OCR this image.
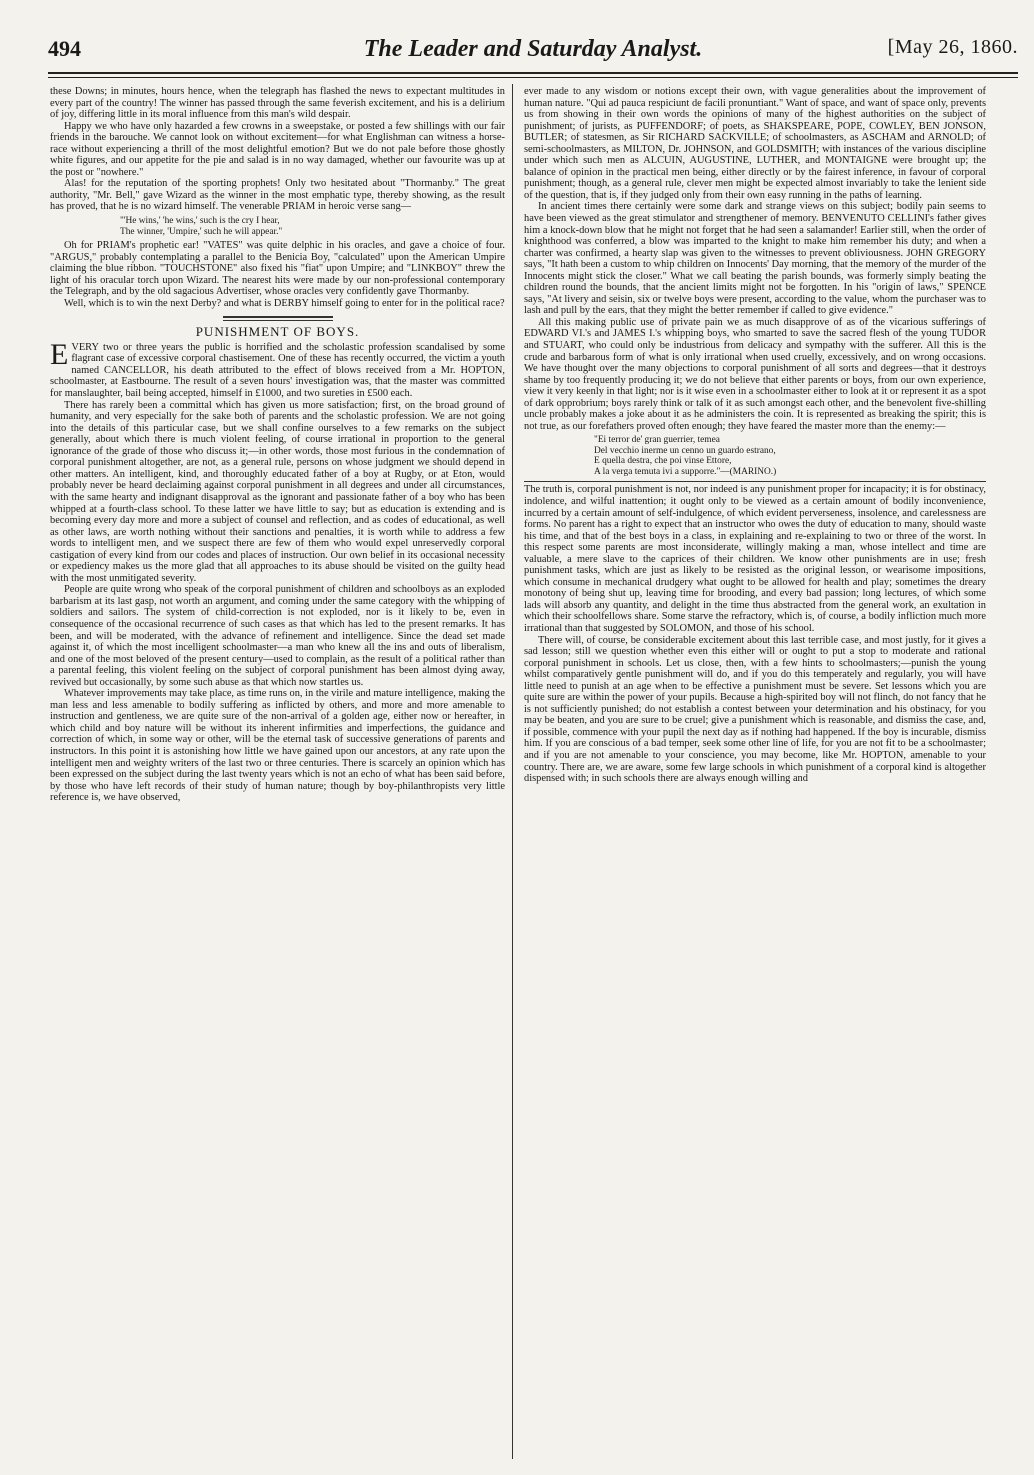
494	The Leader and Saturday Analyst.	[May 26, 1860.

these Downs; in minutes, hours hence, when the telegraph has flashed the news to expectant multitudes in every part of the country! The winner has passed through the same feverish excitement, and his is a delirium of joy, differing little in its moral influence from this man's wild despair.

Happy we who have only hazarded a few crowns in a sweepstake, or posted a few shillings with our fair friends in the barouche. We cannot look on without excitement—for what Englishman can witness a horse-race without experiencing a thrill of the most delightful emotion? But we do not pale before those ghostly white figures, and our appetite for the pie and salad is in no way damaged, whether our favourite was up at the post or "nowhere."

Alas! for the reputation of the sporting prophets! Only two hesitated about "Thormanby." The great authority, "Mr. Bell," gave Wizard as the winner in the most emphatic type, thereby showing, as the result has proved, that he is no wizard himself. The venerable PRIAM in heroic verse sang—

"'He wins,' 'he wins,' such is the cry I hear,
The winner, 'Umpire,' such he will appear."

Oh for PRIAM's prophetic ear! "VATES" was quite delphic in his oracles, and gave a choice of four. "ARGUS," probably contemplating a parallel to the Benicia Boy, "calculated" upon the American Umpire claiming the blue ribbon. "TOUCHSTONE" also fixed his "fiat" upon Umpire; and "LINKBOY" threw the light of his oracular torch upon Wizard. The nearest hits were made by our non-professional contemporary the Telegraph, and by the old sagacious Advertiser, whose oracles very confidently gave Thormanby.

Well, which is to win the next Derby? and what is DERBY himself going to enter for in the political race?

PUNISHMENT OF BOYS.

EVERY two or three years the public is horrified and the scholastic profession scandalised by some flagrant case of excessive corporal chastisement. One of these has recently occurred, the victim a youth named CANCELLOR, his death attributed to the effect of blows received from a Mr. HOPTON, schoolmaster, at Eastbourne. The result of a seven hours' investigation was, that the master was committed for manslaughter, bail being accepted, himself in £1000, and two sureties in £500 each.

There has rarely been a committal which has given us more satisfaction; first, on the broad ground of humanity, and very especially for the sake both of parents and the scholastic profession. We are not going into the details of this particular case, but we shall confine ourselves to a few remarks on the subject generally, about which there is much violent feeling, of course irrational in proportion to the general ignorance of the grade of those who discuss it;—in other words, those most furious in the condemnation of corporal punishment altogether, are not, as a general rule, persons on whose judgment we should depend in other matters. An intelligent, kind, and thoroughly educated father of a boy at Rugby, or at Eton, would probably never be heard declaiming against corporal punishment in all degrees and under all circumstances, with the same hearty and indignant disapproval as the ignorant and passionate father of a boy who has been whipped at a fourth-class school. To these latter we have little to say; but as education is extending and is becoming every day more and more a subject of counsel and reflection, and as codes of educational, as well as other laws, are worth nothing without their sanctions and penalties, it is worth while to address a few words to intelligent men, and we suspect there are few of them who would expel unreservedly corporal castigation of every kind from our codes and places of instruction. Our own belief in its occasional necessity or expediency makes us the more glad that all approaches to its abuse should be visited on the guilty head with the most unmitigated severity.

People are quite wrong who speak of the corporal punishment of children and schoolboys as an exploded barbarism at its last gasp, not worth an argument, and coming under the same category with the whipping of soldiers and sailors. The system of child-correction is not exploded, nor is it likely to be, even in consequence of the occasional recurrence of such cases as that which has led to the present remarks. It has been, and will be moderated, with the advance of refinement and intelligence. Since the dead set made against it, of which the most incelligent schoolmaster—a man who knew all the ins and outs of liberalism, and one of the most beloved of the present century—used to complain, as the result of a political rather than a parental feeling, this violent feeling on the subject of corporal punishment has been almost dying away, revived but occasionally, by some such abuse as that which now startles us.

Whatever improvements may take place, as time runs on, in the virile and mature intelligence, making the man less and less amenable to bodily suffering as inflicted by others, and more and more amenable to instruction and gentleness, we are quite sure of the non-arrival of a golden age, either now or hereafter, in which child and boy nature will be without its inherent infirmities and imperfections, the guidance and correction of which, in some way or other, will be the eternal task of successive generations of parents and instructors. In this point it is astonishing how little we have gained upon our ancestors, at any rate upon the intelligent men and weighty writers of the last two or three centuries. There is scarcely an opinion which has been expressed on the subject during the last twenty years which is not an echo of what has been said before, by those who have left records of their study of human nature; though by boy-philanthropists very little reference is, we have observed,

ever made to any wisdom or notions except their own, with vague generalities about the improvement of human nature. "Qui ad pauca respiciunt de facili pronuntiant." Want of space, and want of space only, prevents us from showing in their own words the opinions of many of the highest authorities on the subject of punishment; of jurists, as PUFFENDORF; of poets, as SHAKSPEARE, POPE, COWLEY, BEN JONSON, BUTLER; of statesmen, as Sir RICHARD SACKVILLE; of schoolmasters, as ASCHAM and ARNOLD; of semi-schoolmasters, as MILTON, Dr. JOHNSON, and GOLDSMITH; with instances of the various discipline under which such men as ALCUIN, AUGUSTINE, LUTHER, and MONTAIGNE were brought up; the balance of opinion in the practical men being, either directly or by the fairest inference, in favour of corporal punishment; though, as a general rule, clever men might be expected almost invariably to take the lenient side of the question, that is, if they judged only from their own easy running in the paths of learning.

In ancient times there certainly were some dark and strange views on this subject; bodily pain seems to have been viewed as the great stimulator and strengthener of memory. BENVENUTO CELLINI's father gives him a knock-down blow that he might not forget that he had seen a salamander! Earlier still, when the order of knighthood was conferred, a blow was imparted to the knight to make him remember his duty; and when a charter was confirmed, a hearty slap was given to the witnesses to prevent obliviousness. JOHN GREGORY says, "It hath been a custom to whip children on Innocents' Day morning, that the memory of the murder of the Innocents might stick the closer." What we call beating the parish bounds, was formerly simply beating the children round the bounds, that the ancient limits might not be forgotten. In his "origin of laws," SPENCE says, "At livery and seisin, six or twelve boys were present, according to the value, whom the purchaser was to lash and pull by the ears, that they might the better remember if called to give evidence."

All this making public use of private pain we as much disapprove of as of the vicarious sufferings of EDWARD VI.'s and JAMES I.'s whipping boys, who smarted to save the sacred flesh of the young TUDOR and STUART, who could only be industrious from delicacy and sympathy with the sufferer. All this is the crude and barbarous form of what is only irrational when used cruelly, excessively, and on wrong occasions. We have thought over the many objections to corporal punishment of all sorts and degrees—that it destroys shame by too frequently producing it; we do not believe that either parents or boys, from our own experience, view it very keenly in that light; nor is it wise even in a schoolmaster either to look at it or represent it as a spot of dark opprobrium; boys rarely think or talk of it as such amongst each other, and the benevolent five-shilling uncle probably makes a joke about it as he administers the coin. It is represented as breaking the spirit; this is not true, as our forefathers proved often enough; they have feared the master more than the enemy:—

"Ei terror de' gran guerrier, temea
Del vecchio inerme un cenno un guardo estrano,
E quella destra, che poi vinse Ettore,
A la verga temuta ivi a supporre."—(MARINO.)

The truth is, corporal punishment is not, nor indeed is any punishment proper for incapacity; it is for obstinacy, indolence, and wilful inattention; it ought only to be viewed as a certain amount of bodily inconvenience, incurred by a certain amount of self-indulgence, of which evident perverseness, insolence, and carelessness are forms. No parent has a right to expect that an instructor who owes the duty of education to many, should waste his time, and that of the best boys in a class, in explaining and re-explaining to two or three of the worst. In this respect some parents are most inconsiderate, willingly making a man, whose intellect and time are valuable, a mere slave to the caprices of their children. We know other punishments are in use; fresh punishment tasks, which are just as likely to be resisted as the original lesson, or wearisome impositions, which consume in mechanical drudgery what ought to be allowed for health and play; sometimes the dreary monotony of being shut up, leaving time for brooding, and every bad passion; long lectures, of which some lads will absorb any quantity, and delight in the time thus abstracted from the general work, an exultation in which their schoolfellows share. Some starve the refractory, which is, of course, a bodily infliction much more irrational than that suggested by SOLOMON, and those of his school.

There will, of course, be considerable excitement about this last terrible case, and most justly, for it gives a sad lesson; still we question whether even this either will or ought to put a stop to moderate and rational corporal punishment in schools. Let us close, then, with a few hints to schoolmasters;—punish the young whilst comparatively gentle punishment will do, and if you do this temperately and regularly, you will have little need to punish at an age when to be effective a punishment must be severe. Set lessons which you are quite sure are within the power of your pupils. Because a high-spirited boy will not flinch, do not fancy that he is not sufficiently punished; do not establish a contest between your determination and his obstinacy, for you may be beaten, and you are sure to be cruel; give a punishment which is reasonable, and dismiss the case, and, if possible, commence with your pupil the next day as if nothing had happened. If the boy is incurable, dismiss him. If you are conscious of a bad temper, seek some other line of life, for you are not fit to be a schoolmaster; and if you are not amenable to your conscience, you may become, like Mr. HOPTON, amenable to your country. There are, we are aware, some few large schools in which punishment of a corporal kind is altogether dispensed with; in such schools there are always enough willing and
